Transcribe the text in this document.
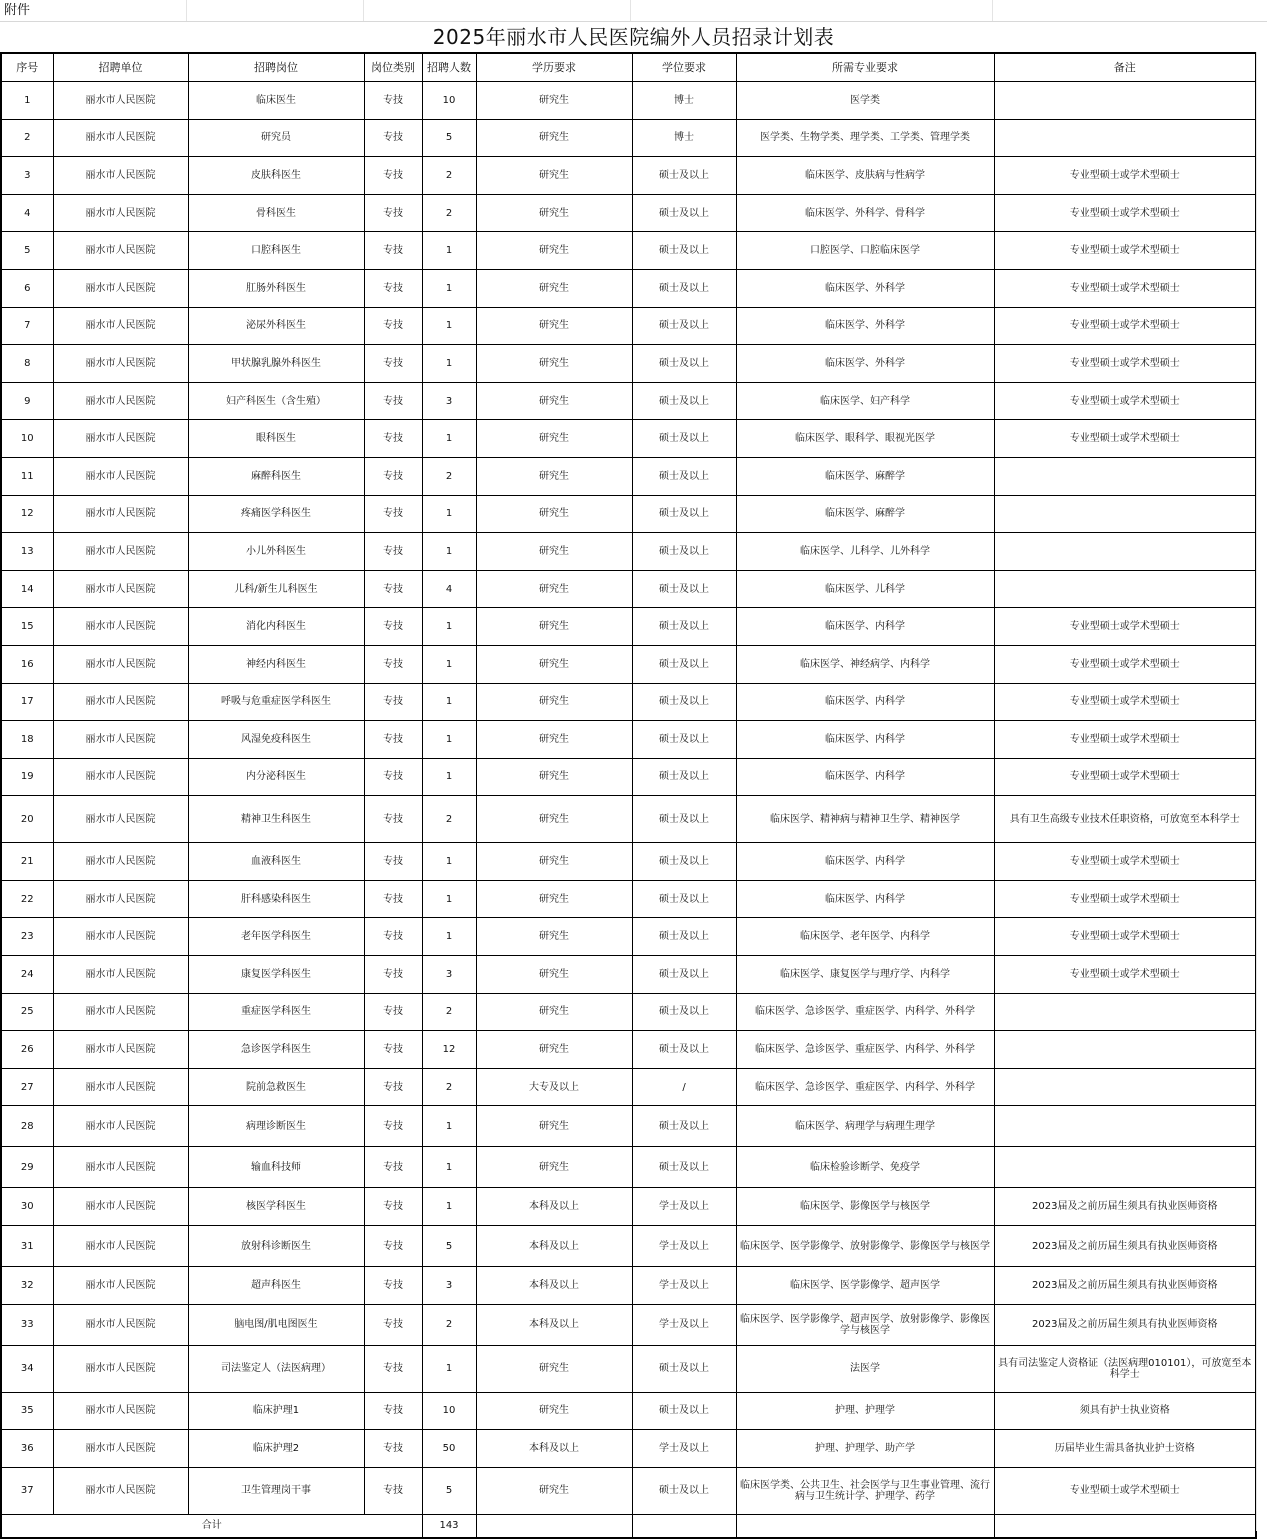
附件
2025年丽水市人民医院编外人员招录计划表
序号	招聘单位	招聘岗位	岗位类别	招聘人数	学历要求	学位要求	所需专业要求	备注
1	丽水市人民医院	临床医生	专技	10	研究生	博士	医学类	
2	丽水市人民医院	研究员	专技	5	研究生	博士	医学类、生物学类、理学类、工学类、管理学类	
3	丽水市人民医院	皮肤科医生	专技	2	研究生	硕士及以上	临床医学、皮肤病与性病学	专业型硕士或学术型硕士
4	丽水市人民医院	骨科医生	专技	2	研究生	硕士及以上	临床医学、外科学、骨科学	专业型硕士或学术型硕士
5	丽水市人民医院	口腔科医生	专技	1	研究生	硕士及以上	口腔医学、口腔临床医学	专业型硕士或学术型硕士
6	丽水市人民医院	肛肠外科医生	专技	1	研究生	硕士及以上	临床医学、外科学	专业型硕士或学术型硕士
7	丽水市人民医院	泌尿外科医生	专技	1	研究生	硕士及以上	临床医学、外科学	专业型硕士或学术型硕士
8	丽水市人民医院	甲状腺乳腺外科医生	专技	1	研究生	硕士及以上	临床医学、外科学	专业型硕士或学术型硕士
9	丽水市人民医院	妇产科医生（含生殖）	专技	3	研究生	硕士及以上	临床医学、妇产科学	专业型硕士或学术型硕士
10	丽水市人民医院	眼科医生	专技	1	研究生	硕士及以上	临床医学、眼科学、眼视光医学	专业型硕士或学术型硕士
11	丽水市人民医院	麻醉科医生	专技	2	研究生	硕士及以上	临床医学、麻醉学	
12	丽水市人民医院	疼痛医学科医生	专技	1	研究生	硕士及以上	临床医学、麻醉学	
13	丽水市人民医院	小儿外科医生	专技	1	研究生	硕士及以上	临床医学、儿科学、儿外科学	
14	丽水市人民医院	儿科/新生儿科医生	专技	4	研究生	硕士及以上	临床医学、儿科学	
15	丽水市人民医院	消化内科医生	专技	1	研究生	硕士及以上	临床医学、内科学	专业型硕士或学术型硕士
16	丽水市人民医院	神经内科医生	专技	1	研究生	硕士及以上	临床医学、神经病学、内科学	专业型硕士或学术型硕士
17	丽水市人民医院	呼吸与危重症医学科医生	专技	1	研究生	硕士及以上	临床医学、内科学	专业型硕士或学术型硕士
18	丽水市人民医院	风湿免疫科医生	专技	1	研究生	硕士及以上	临床医学、内科学	专业型硕士或学术型硕士
19	丽水市人民医院	内分泌科医生	专技	1	研究生	硕士及以上	临床医学、内科学	专业型硕士或学术型硕士
20	丽水市人民医院	精神卫生科医生	专技	2	研究生	硕士及以上	临床医学、精神病与精神卫生学、精神医学	具有卫生高级专业技术任职资格，可放宽至本科学士
21	丽水市人民医院	血液科医生	专技	1	研究生	硕士及以上	临床医学、内科学	专业型硕士或学术型硕士
22	丽水市人民医院	肝科感染科医生	专技	1	研究生	硕士及以上	临床医学、内科学	专业型硕士或学术型硕士
23	丽水市人民医院	老年医学科医生	专技	1	研究生	硕士及以上	临床医学、老年医学、内科学	专业型硕士或学术型硕士
24	丽水市人民医院	康复医学科医生	专技	3	研究生	硕士及以上	临床医学、康复医学与理疗学、内科学	专业型硕士或学术型硕士
25	丽水市人民医院	重症医学科医生	专技	2	研究生	硕士及以上	临床医学、急诊医学、重症医学、内科学、外科学	
26	丽水市人民医院	急诊医学科医生	专技	12	研究生	硕士及以上	临床医学、急诊医学、重症医学、内科学、外科学	
27	丽水市人民医院	院前急救医生	专技	2	大专及以上	/	临床医学、急诊医学、重症医学、内科学、外科学	
28	丽水市人民医院	病理诊断医生	专技	1	研究生	硕士及以上	临床医学、病理学与病理生理学	
29	丽水市人民医院	输血科技师	专技	1	研究生	硕士及以上	临床检验诊断学、免疫学	
30	丽水市人民医院	核医学科医生	专技	1	本科及以上	学士及以上	临床医学、影像医学与核医学	2023届及之前历届生须具有执业医师资格
31	丽水市人民医院	放射科诊断医生	专技	5	本科及以上	学士及以上	临床医学、医学影像学、放射影像学、影像医学与核医学	2023届及之前历届生须具有执业医师资格
32	丽水市人民医院	超声科医生	专技	3	本科及以上	学士及以上	临床医学、医学影像学、超声医学	2023届及之前历届生须具有执业医师资格
33	丽水市人民医院	脑电图/肌电图医生	专技	2	本科及以上	学士及以上	临床医学、医学影像学、超声医学、放射影像学、影像医学与核医学	2023届及之前历届生须具有执业医师资格
34	丽水市人民医院	司法鉴定人（法医病理）	专技	1	研究生	硕士及以上	法医学	具有司法鉴定人资格证（法医病理010101），可放宽至本科学士
35	丽水市人民医院	临床护理1	专技	10	研究生	硕士及以上	护理、护理学	须具有护士执业资格
36	丽水市人民医院	临床护理2	专技	50	本科及以上	学士及以上	护理、护理学、助产学	历届毕业生需具备执业护士资格
37	丽水市人民医院	卫生管理岗干事	专技	5	研究生	硕士及以上	临床医学类、公共卫生、社会医学与卫生事业管理、流行病与卫生统计学、护理学、药学	专业型硕士或学术型硕士
合计				143				
